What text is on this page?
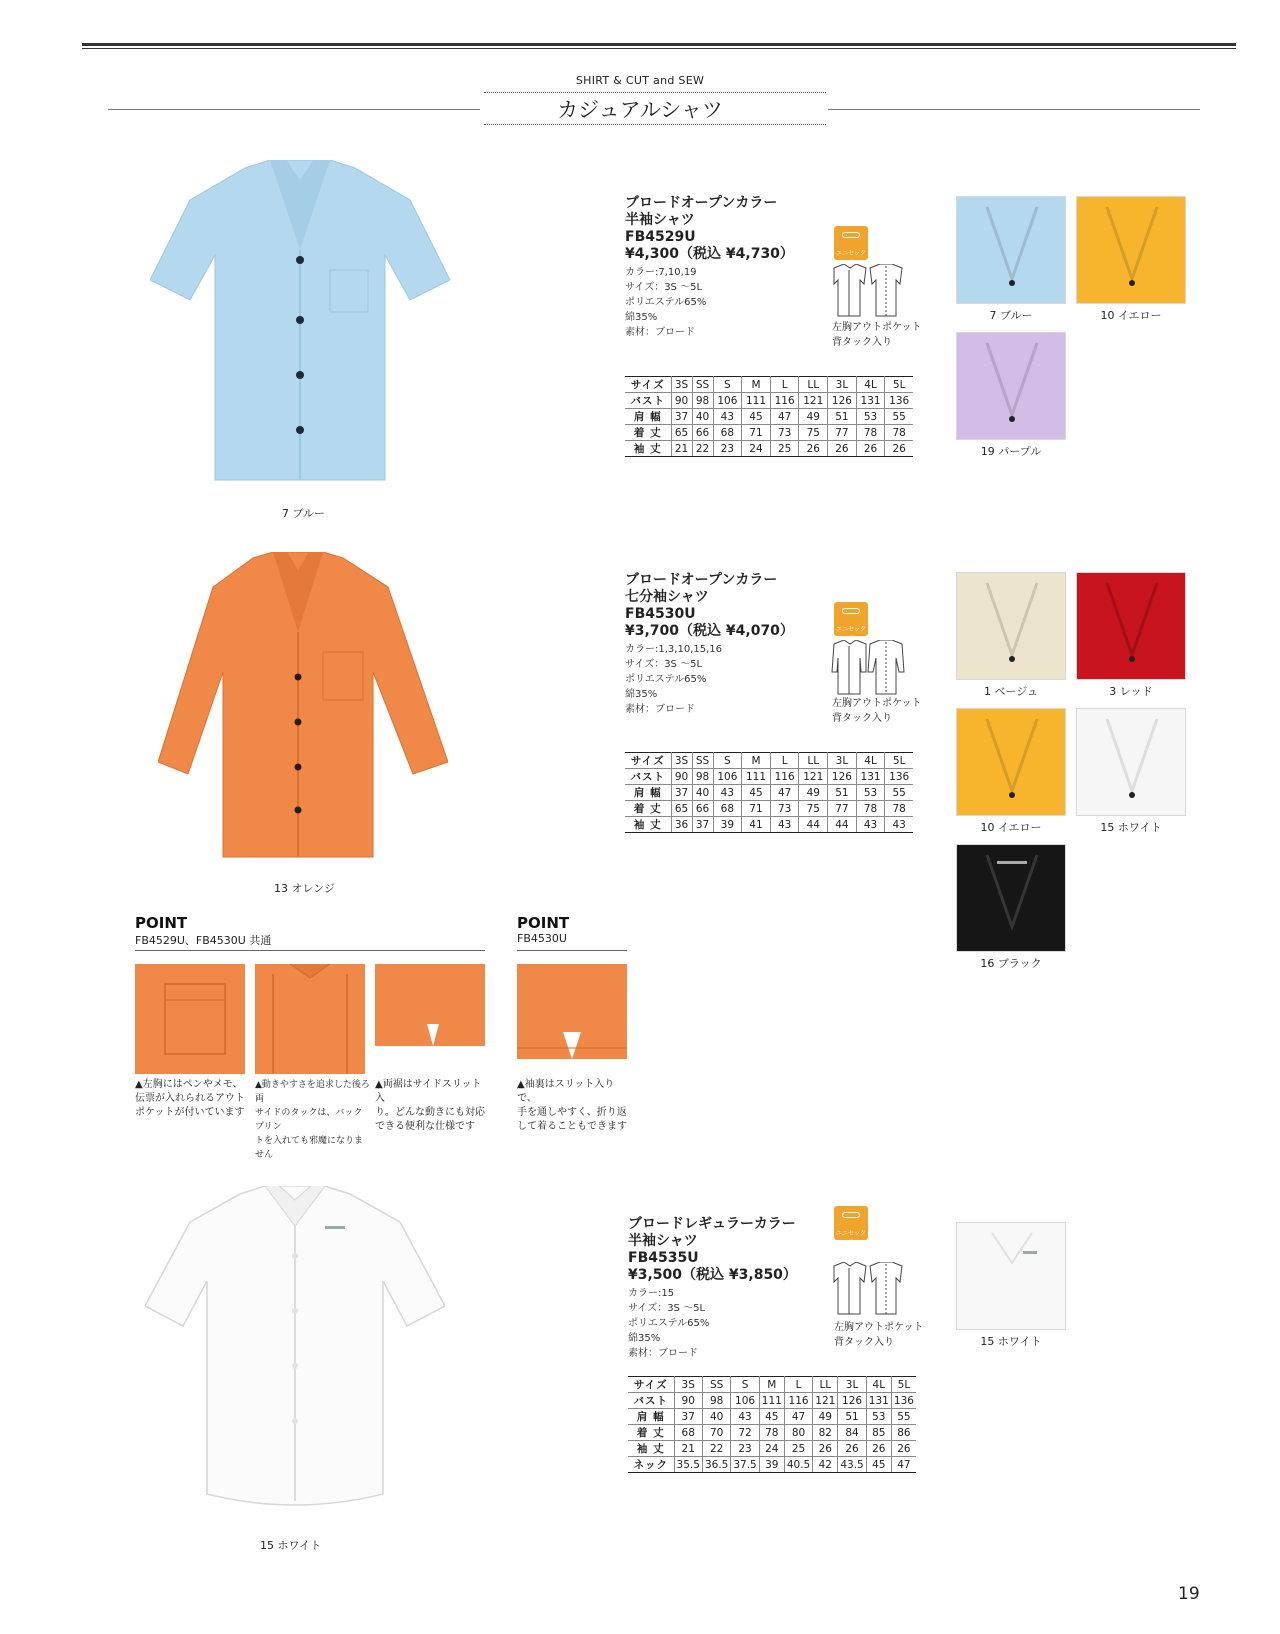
SHIRT & CUT and SEW
カジュアルシャツ
7 ブルー
ブロードオープンカラー
半袖シャツ
FB4529U
¥4,300（税込 ¥4,730）
カラー:7,10,19
サイズ：3S ～5L
ポリエステル65%
綿35%
素材：ブロード
ユニセックス
左胸アウトポケット
背タック入り
サイズ	3S	SS	S	M	L	LL	3L	4L	5L
バスト	90	98	106	111	116	121	126	131	136
肩 幅	37	40	43	45	47	49	51	53	55
着 丈	65	66	68	71	73	75	77	78	78
袖 丈	21	22	23	24	25	26	26	26	26
7 ブルー	10 イエロー
19 パープル
13 オレンジ
ブロードオープンカラー
七分袖シャツ
FB4530U
¥3,700（税込 ¥4,070）
カラー:1,3,10,15,16
サイズ：3S ～5L
ポリエステル65%
綿35%
素材：ブロード
ユニセックス
左胸アウトポケット
背タック入り
サイズ	3S	SS	S	M	L	LL	3L	4L	5L
バスト	90	98	106	111	116	121	126	131	136
肩 幅	37	40	43	45	47	49	51	53	55
着 丈	65	66	68	71	73	75	77	78	78
袖 丈	36	37	39	41	43	44	44	43	43
1 ベージュ	3 レッド
10 イエロー	15 ホワイト
16 ブラック
POINT
FB4529U、FB4530U 共通
▲左胸にはペンやメモ、
伝票が入れられるアウト
ポケットが付いています
▲動きやすさを追求した後ろ両
サイドのタックは、バックプリン
トを入れても邪魔になりません
▲両裾はサイドスリット入
り。どんな動きにも対応
できる便利な仕様です
POINT
FB4530U
▲袖裏はスリット入りで、
手を通しやすく、折り返
して着ることもできます
15 ホワイト
ブロードレギュラーカラー
半袖シャツ
FB4535U
¥3,500（税込 ¥3,850）
カラー:15
サイズ：3S ～5L
ポリエステル65%
綿35%
素材：ブロード
ユニセックス
左胸アウトポケット
背タック入り
サイズ	3S	SS	S	M	L	LL	3L	4L	5L
バスト	90	98	106	111	116	121	126	131	136
肩 幅	37	40	43	45	47	49	51	53	55
着 丈	68	70	72	78	80	82	84	85	86
袖 丈	21	22	23	24	25	26	26	26	26
ネック	35.5	36.5	37.5	39	40.5	42	43.5	45	47
15 ホワイト
19
